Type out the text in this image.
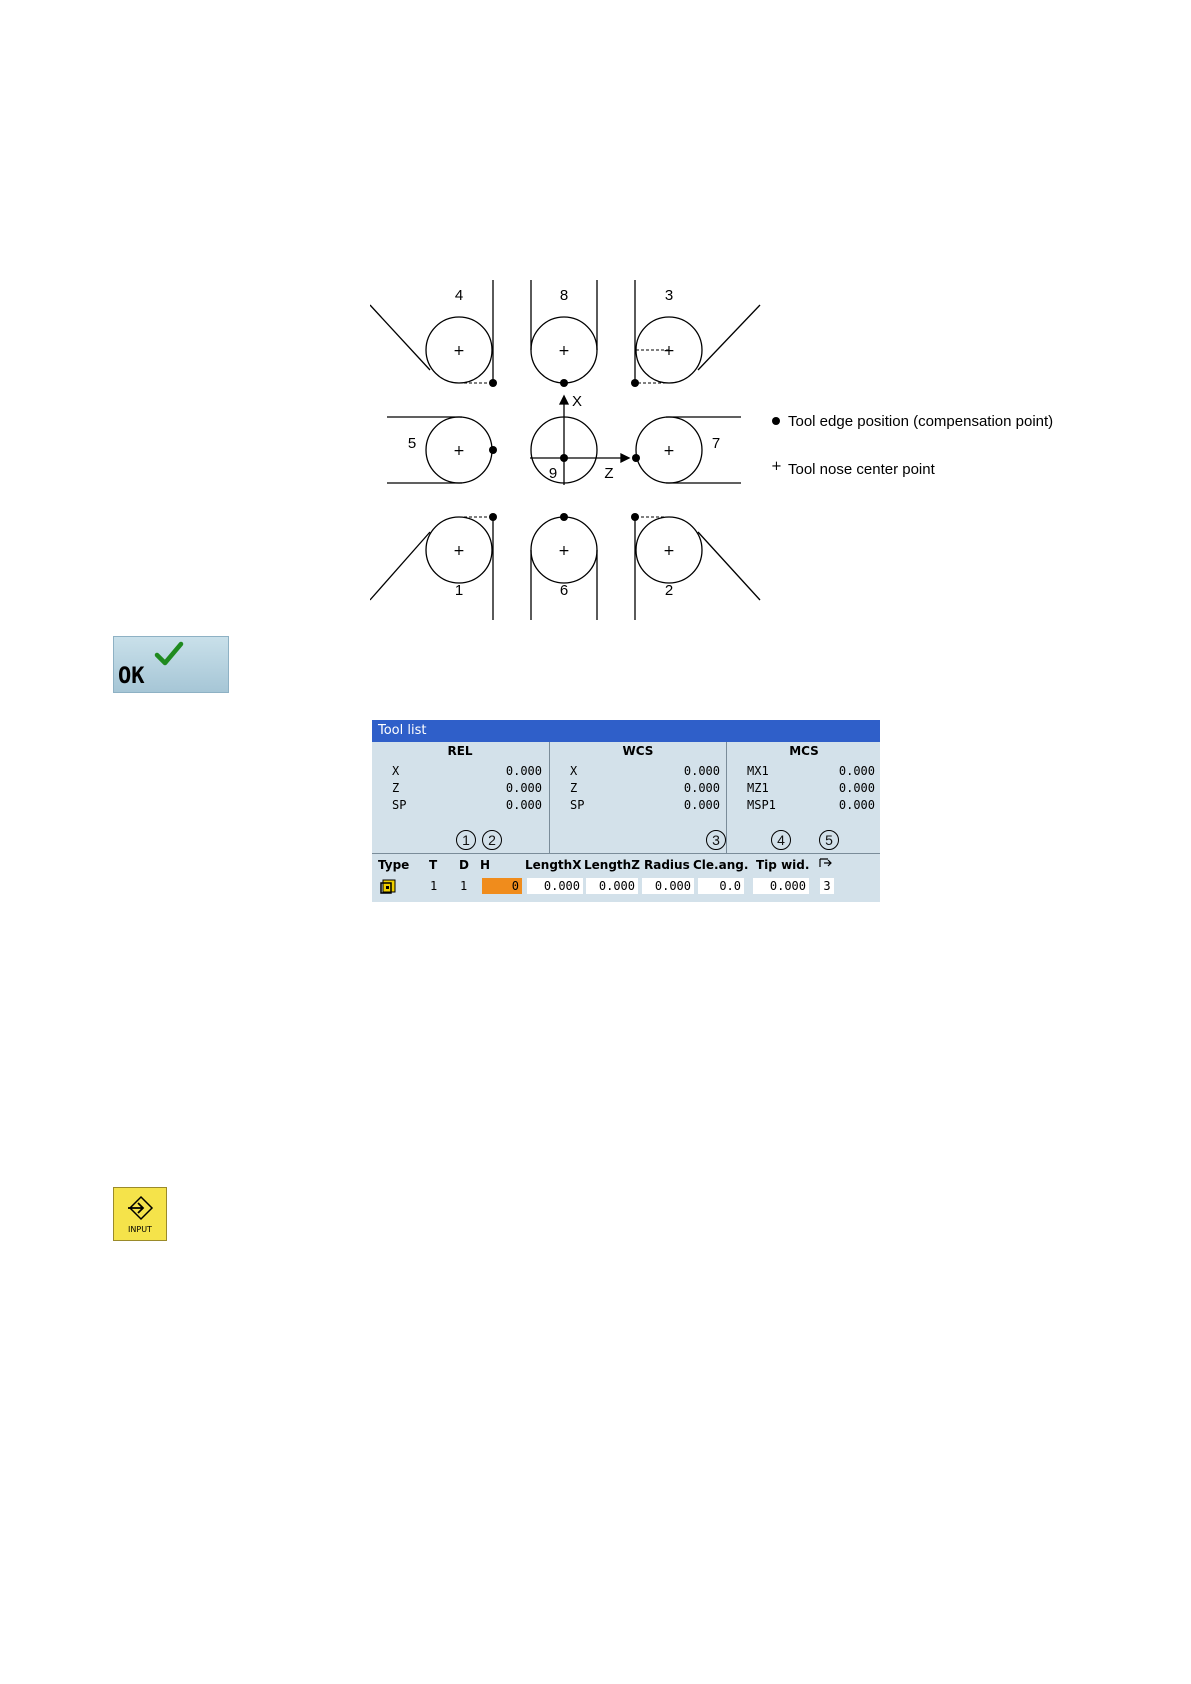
+	+	+
+	+
+	+	+
4	8	3
5
9
7
1	6	2
X
Z
Tool edge position (compensation point)
+ Tool nose center point
OK
Tool list
REL
X	0.000
Z	0.000
SP	0.000
WCS
X	0.000
Z	0.000
SP	0.000
MCS
MX1	0.000
MZ1	0.000
MSP1	0.000
Type T D H	LengthX LengthZ Radius Cle.ang. Tip wid.
1 1	0	0.000	0.000	0.000	0.0	0.000 3
1	2	3	4	5
INPUT
